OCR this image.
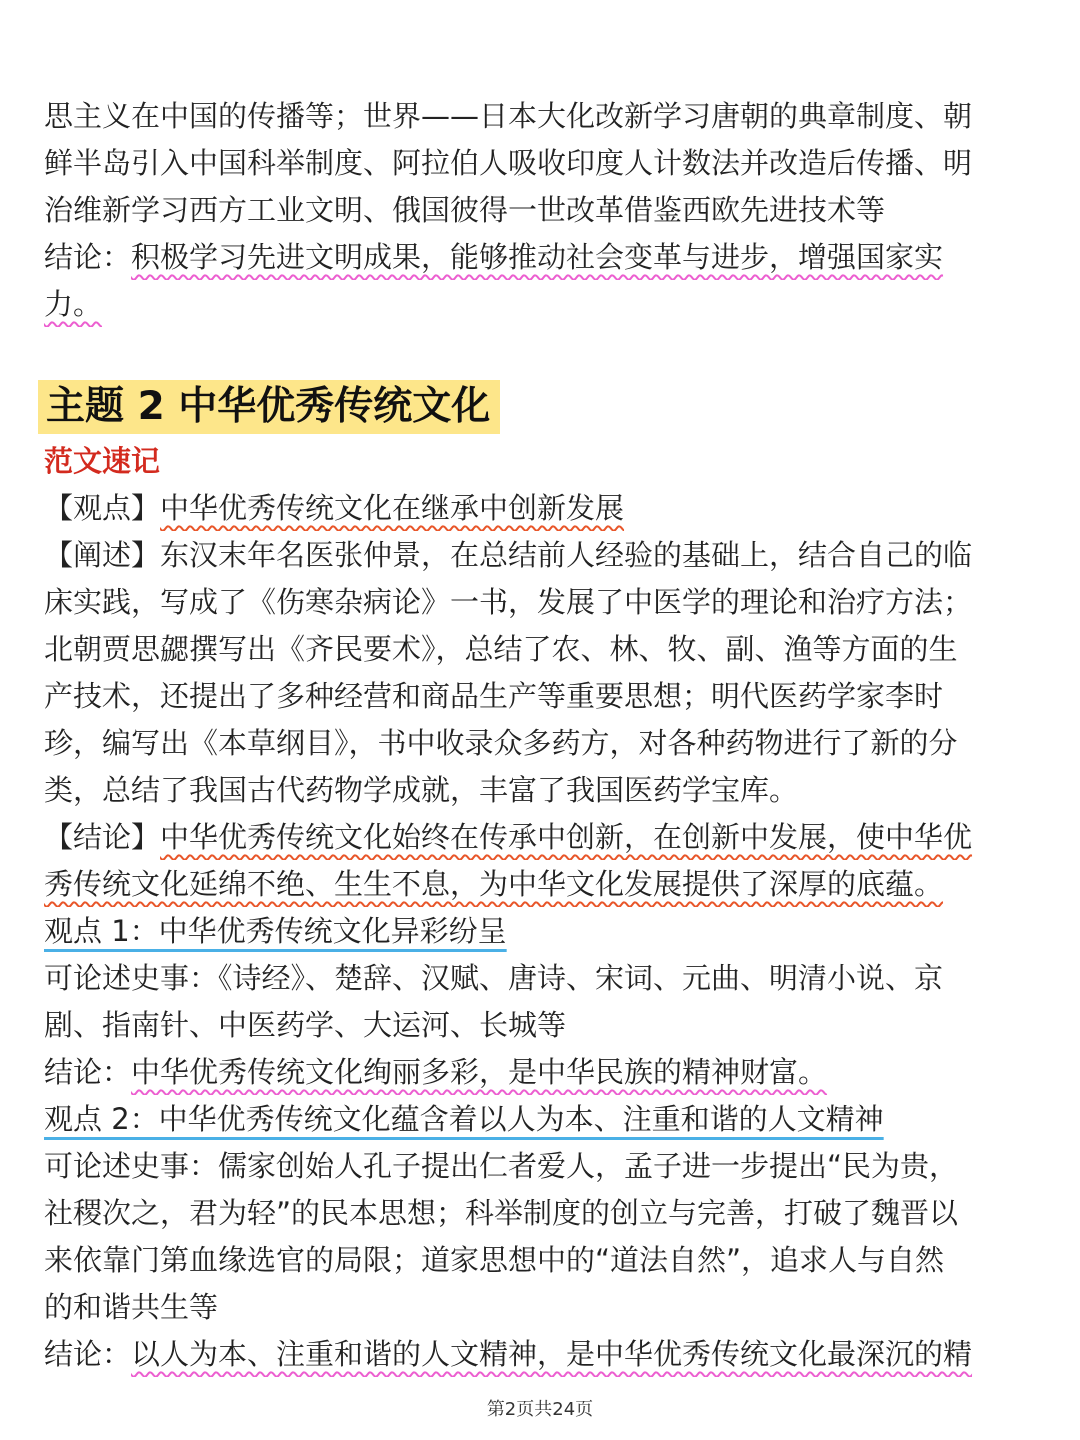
思主义在中国的传播等；世界——日本大化改新学习唐朝的典章制度、朝
鲜半岛引入中国科举制度、阿拉伯人吸收印度人计数法并改造后传播、明
治维新学习西方工业文明、俄国彼得一世改革借鉴西欧先进技术等
结论：积极学习先进文明成果，能够推动社会变革与进步，增强国家实
力。
主题 2 中华优秀传统文化
范文速记
【观点】中华优秀传统文化在继承中创新发展
【阐述】东汉末年名医张仲景，在总结前人经验的基础上，结合自己的临
床实践，写成了《伤寒杂病论》一书，发展了中医学的理论和治疗方法；
北朝贾思勰撰写出《齐民要术》，总结了农、林、牧、副、渔等方面的生
产技术，还提出了多种经营和商品生产等重要思想；明代医药学家李时
珍，编写出《本草纲目》，书中收录众多药方，对各种药物进行了新的分
类，总结了我国古代药物学成就，丰富了我国医药学宝库。
【结论】中华优秀传统文化始终在传承中创新，在创新中发展，使中华优
秀传统文化延绵不绝、生生不息，为中华文化发展提供了深厚的底蕴。
观点 1：中华优秀传统文化异彩纷呈
可论述史事：《诗经》、楚辞、汉赋、唐诗、宋词、元曲、明清小说、京
剧、指南针、中医药学、大运河、长城等
结论：中华优秀传统文化绚丽多彩，是中华民族的精神财富。
观点 2：中华优秀传统文化蕴含着以人为本、注重和谐的人文精神
可论述史事：儒家创始人孔子提出仁者爱人，孟子进一步提出“民为贵，
社稷次之，君为轻”的民本思想；科举制度的创立与完善，打破了魏晋以
来依靠门第血缘选官的局限；道家思想中的“道法自然”，追求人与自然
的和谐共生等
结论：以人为本、注重和谐的人文精神，是中华优秀传统文化最深沉的精
第2页共24页
